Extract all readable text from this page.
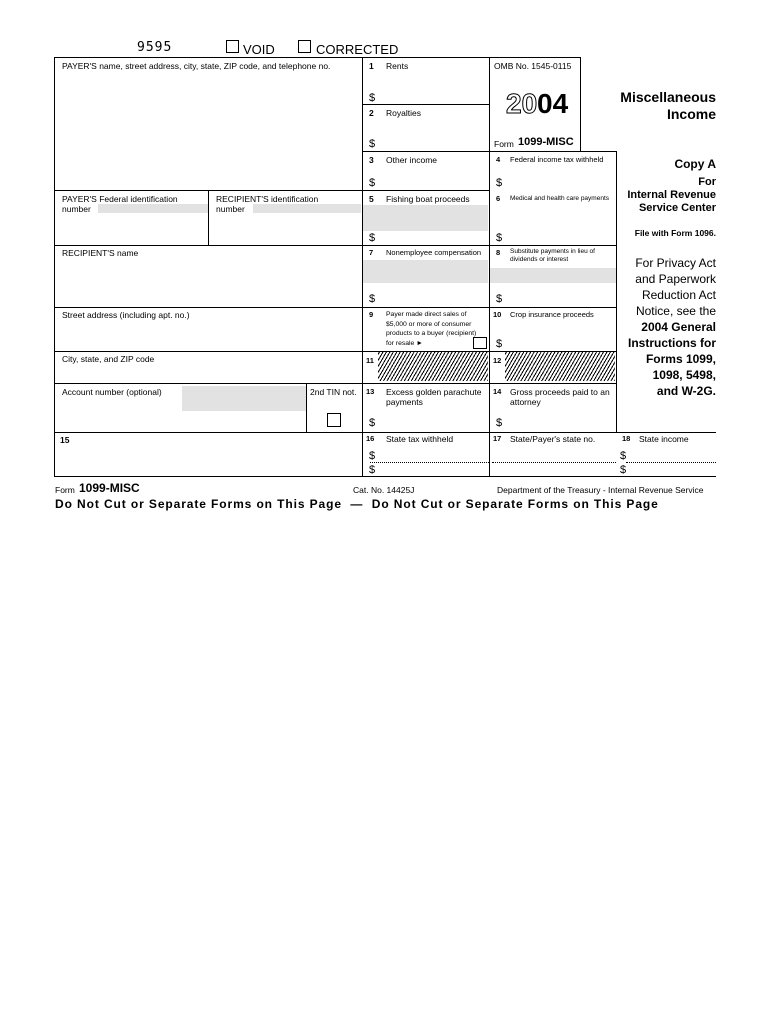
9595	VOID	CORRECTED
PAYER'S name, street address, city, state, ZIP code, and telephone no.
PAYER'S Federal identification number
RECIPIENT'S identification number
RECIPIENT'S name
Street address (including apt. no.)
City, state, and ZIP code
Account number (optional)	2nd TIN not.
15
1 Rents
$
2 Royalties
$
OMB No. 1545-0115
20 04
Form 1099-MISC
Miscellaneous
Income
3 Other income
$
4 Federal income tax withheld
$
5 Fishing boat proceeds
$
6 Medical and health care payments
$
7 Nonemployee compensation
$
8 Substitute payments in lieu of dividends or interest
$
9 Payer made direct sales of $5,000 or more of consumer products to a buyer (recipient) for resale ►
10 Crop insurance proceeds
$
11	12
13 Excess golden parachute payments
$
14 Gross proceeds paid to an attorney
$
16 State tax withheld
$
$
17 State/Payer's state no.	18 State income
$
$
Copy A
For
Internal Revenue
Service Center
File with Form 1096.
For Privacy Act
and Paperwork
Reduction Act
Notice, see the
2004 General
Instructions for
Forms 1099,
1098, 5498,
and W-2G.
Form 1099-MISC	Cat. No. 14425J	Department of the Treasury - Internal Revenue Service
Do Not Cut or Separate Forms on This Page  —  Do Not Cut or Separate Forms on This Page
